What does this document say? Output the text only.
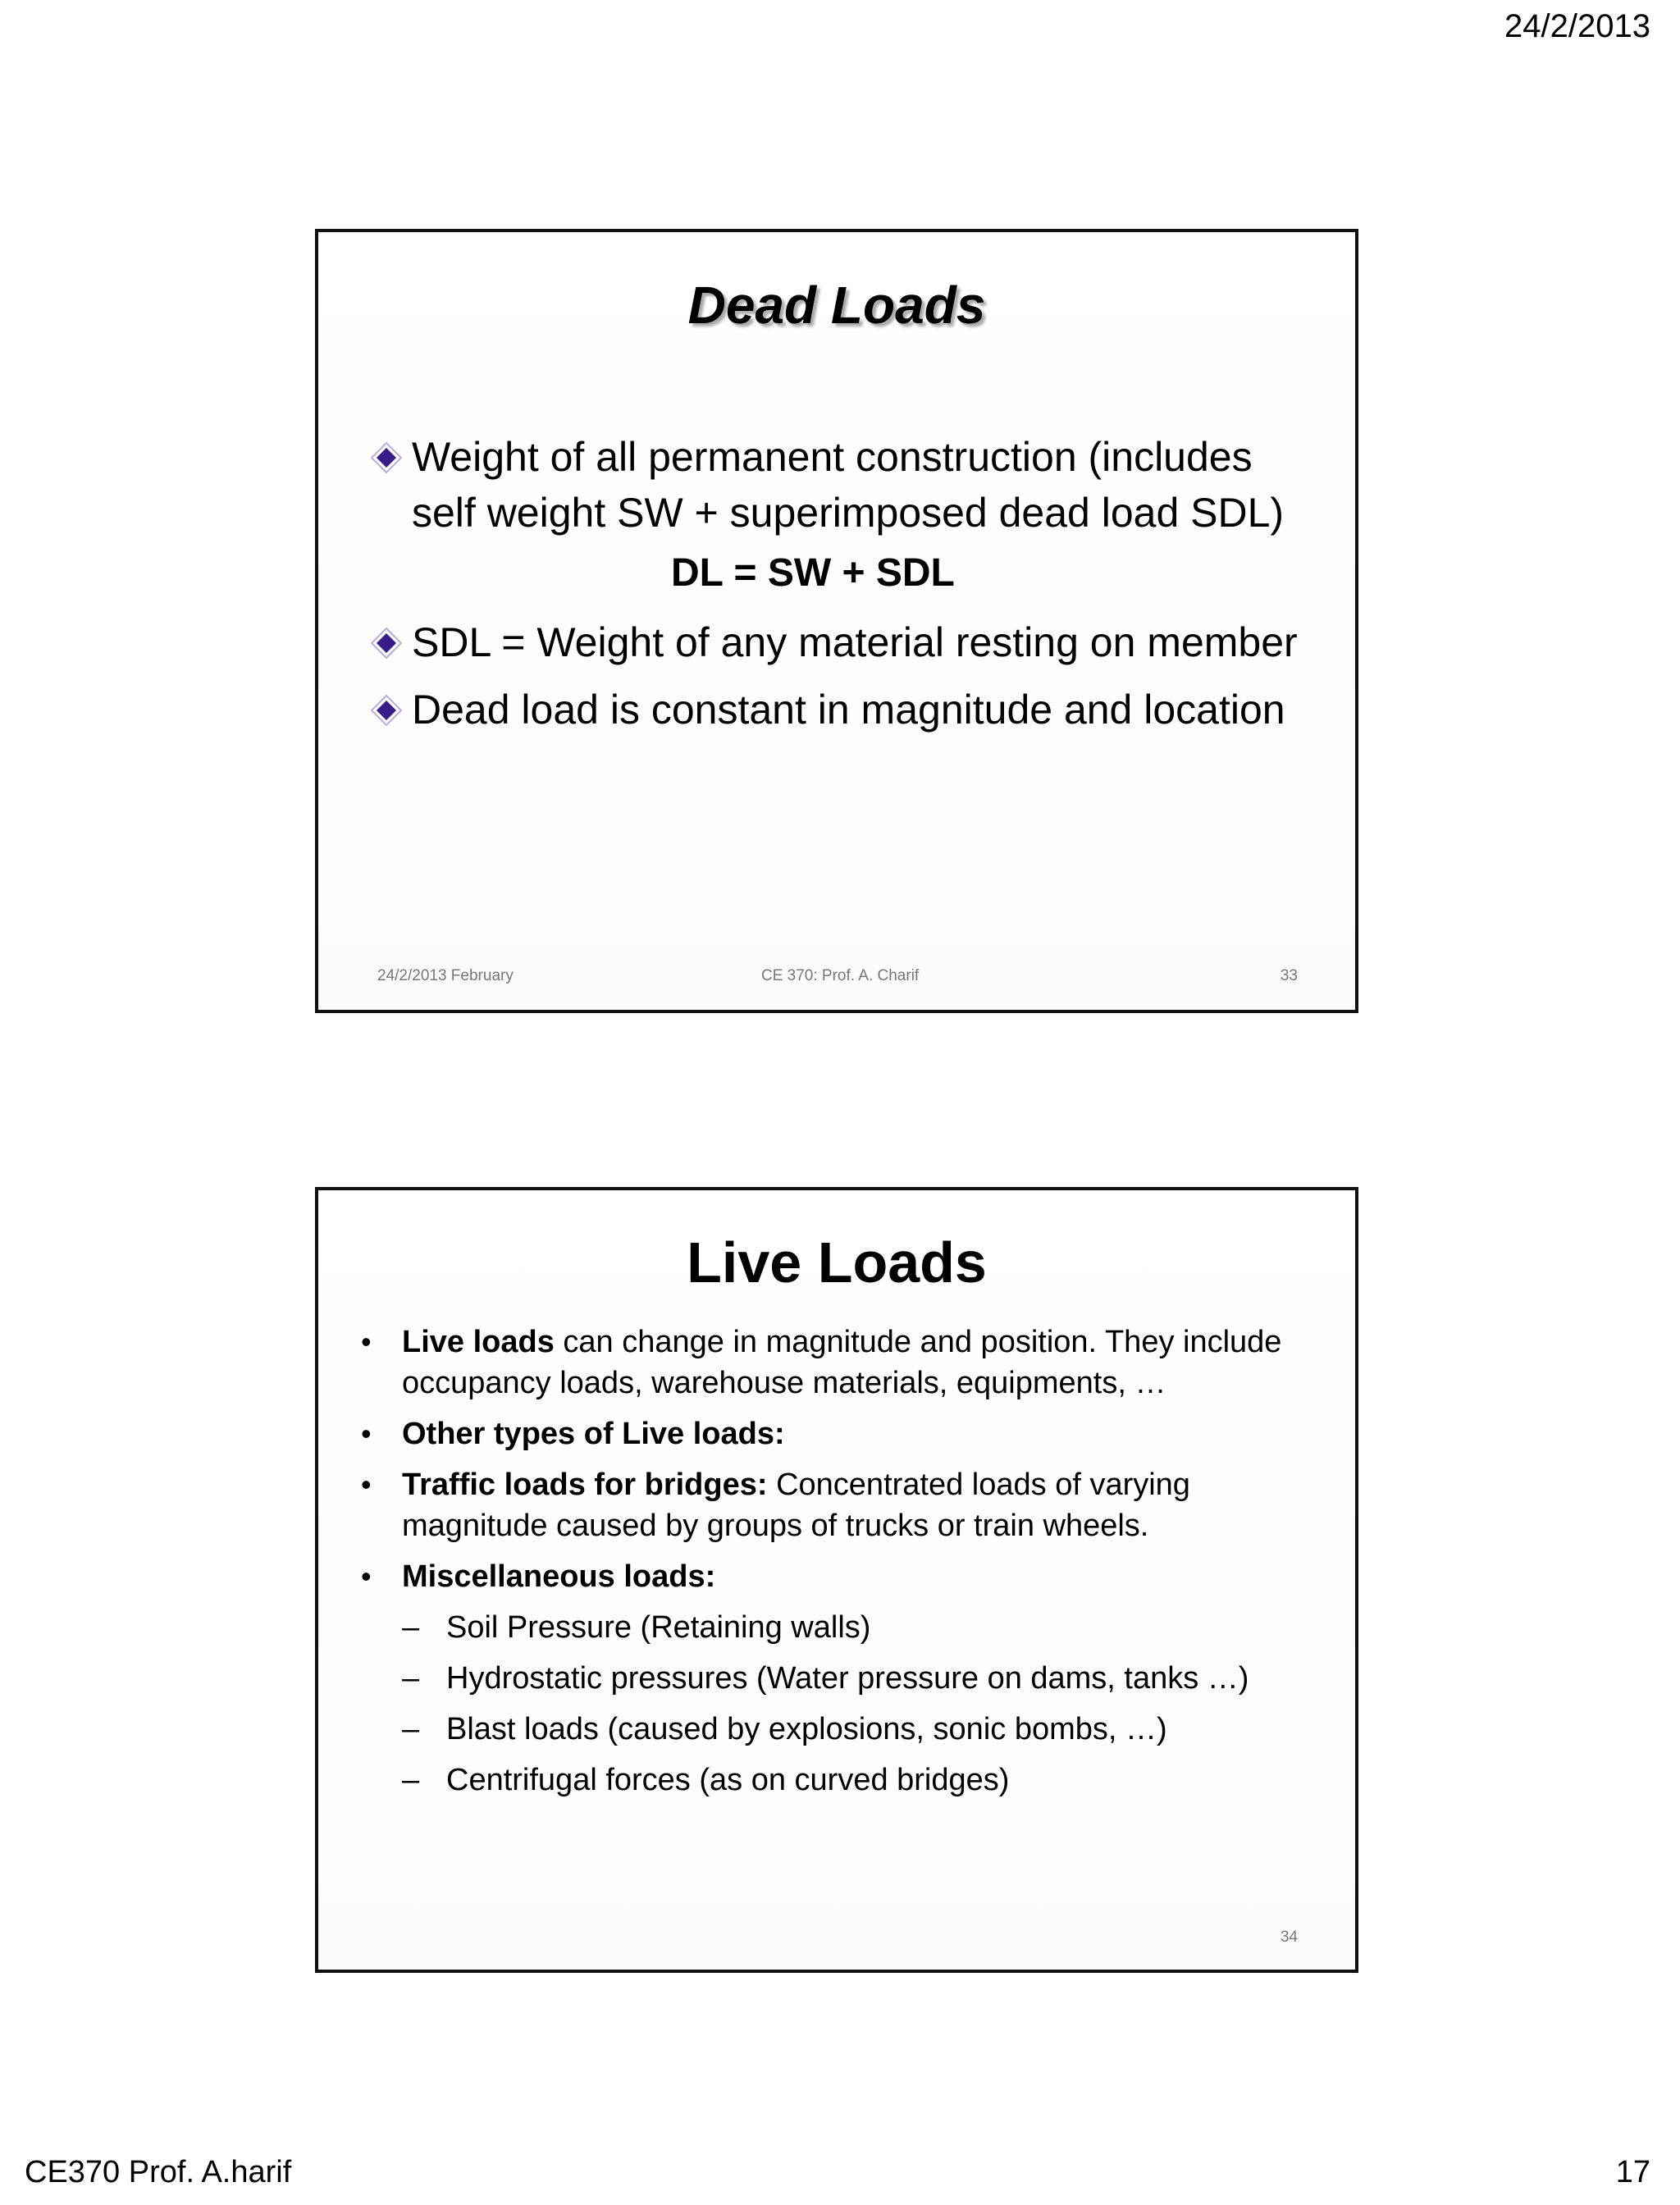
24/2/2013
Dead Loads
Weight of all permanent construction (includes self weight SW + superimposed dead load SDL)
DL = SW + SDL
SDL = Weight of any material resting on member
Dead load is constant in magnitude and location
24/2/2013 February	CE 370: Prof. A. Charif	33
Live Loads
• Live loads can change in magnitude and position. They include occupancy loads, warehouse materials, equipments, …
• Other types of Live loads:
• Traffic loads for bridges: Concentrated loads of varying magnitude caused by groups of trucks or train wheels.
• Miscellaneous loads:
– Soil Pressure (Retaining walls)
– Hydrostatic pressures (Water pressure on dams, tanks …)
– Blast loads (caused by explosions, sonic bombs, …)
– Centrifugal forces (as on curved bridges)
34
CE370 Prof. A.harif	17
